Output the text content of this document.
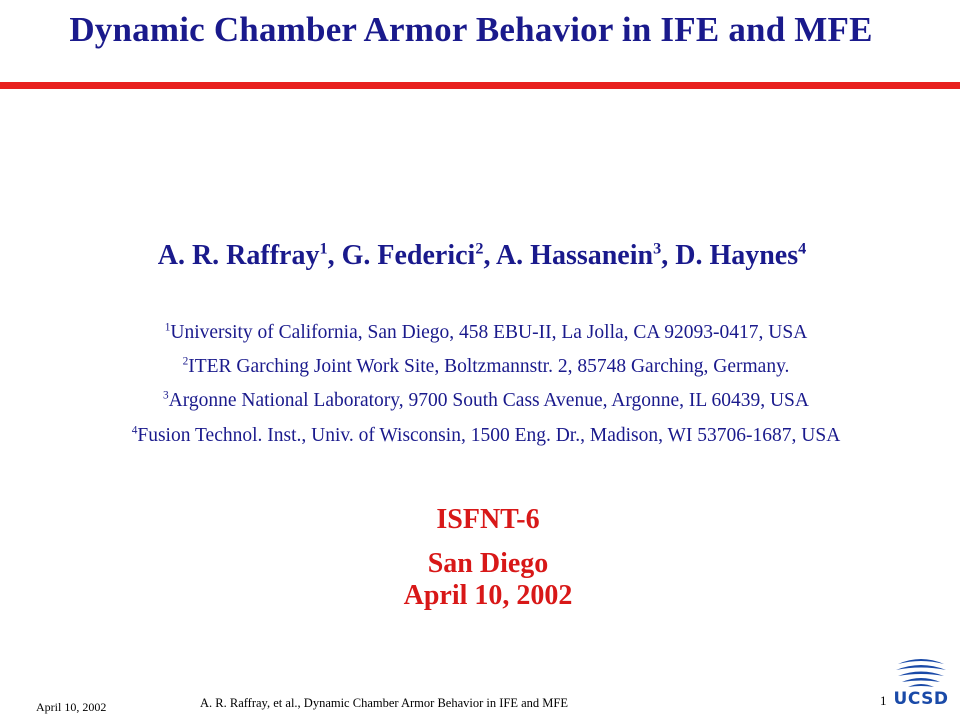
Dynamic Chamber Armor Behavior in IFE and MFE
A. R. Raffray$^1$, G. Federici$^2$, A. Hassanein$^3$, D. Haynes$^4$
$^1$University of California, San Diego, 458 EBU-II, La Jolla, CA 92093-0417, USA
$^2$ITER Garching Joint Work Site, Boltzmannstr. 2, 85748 Garching, Germany.
$^3$Argonne National Laboratory, 9700 South Cass Avenue, Argonne, IL 60439, USA
$^4$Fusion Technol. Inst., Univ. of Wisconsin, 1500 Eng. Dr., Madison, WI 53706-1687, USA
ISFNT-6
San Diego
April 10, 2002
April 10, 2002	A. R. Raffray, et al., Dynamic Chamber Armor Behavior in IFE and MFE	1 UCSD
